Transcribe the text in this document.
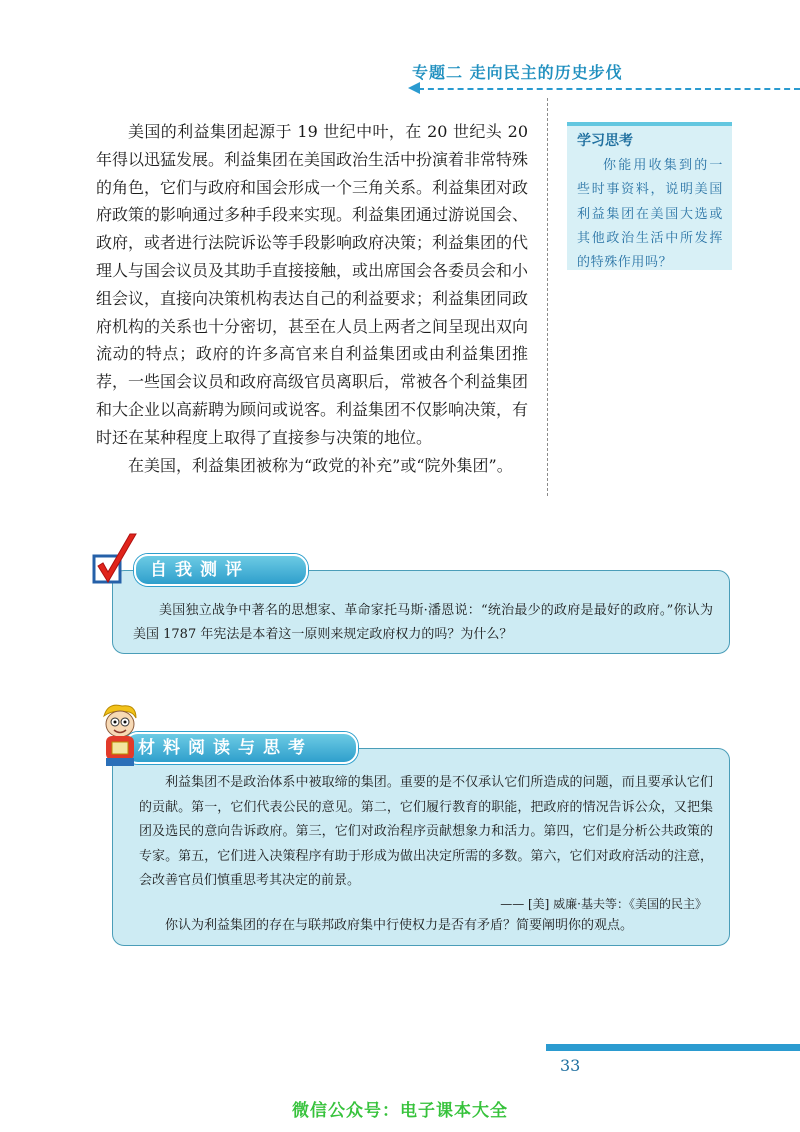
专题二 走向民主的历史步伐

美国的利益集团起源于 19 世纪中叶，在 20 世纪头 20 年得以迅猛发展。利益集团在美国政治生活中扮演着非常特殊的角色，它们与政府和国会形成一个三角关系。利益集团对政府政策的影响通过多种手段来实现。利益集团通过游说国会、政府，或者进行法院诉讼等手段影响政府决策；利益集团的代理人与国会议员及其助手直接接触，或出席国会各委员会和小组会议，直接向决策机构表达自己的利益要求；利益集团同政府机构的关系也十分密切，甚至在人员上两者之间呈现出双向流动的特点；政府的许多高官来自利益集团或由利益集团推荐，一些国会议员和政府高级官员离职后，常被各个利益集团和大企业以高薪聘为顾问或说客。利益集团不仅影响决策，有时还在某种程度上取得了直接参与决策的地位。

在美国，利益集团被称为“政党的补充”或“院外集团”。

学习思考
你能用收集到的一些时事资料，说明美国利益集团在美国大选或其他政治生活中所发挥的特殊作用吗？

美国独立战争中著名的思想家、革命家托马斯·潘恩说：“统治最少的政府是最好的政府。”你认为美国 1787 年宪法是本着这一原则来规定政府权力的吗？为什么？

自我测评

利益集团不是政治体系中被取缔的集团。重要的是不仅承认它们所造成的问题，而且要承认它们的贡献。第一，它们代表公民的意见。第二，它们履行教育的职能，把政府的情况告诉公众，又把集团及选民的意向告诉政府。第三，它们对政治程序贡献想象力和活力。第四，它们是分析公共政策的专家。第五，它们进入决策程序有助于形成为做出决定所需的多数。第六，它们对政府活动的注意，会改善官员们慎重思考其决定的前景。

—— [美] 威廉·基夫等：《美国的民主》

你认为利益集团的存在与联邦政府集中行使权力是否有矛盾？简要阐明你的观点。

材料阅读与思考
33
微信公众号：电子课本大全
